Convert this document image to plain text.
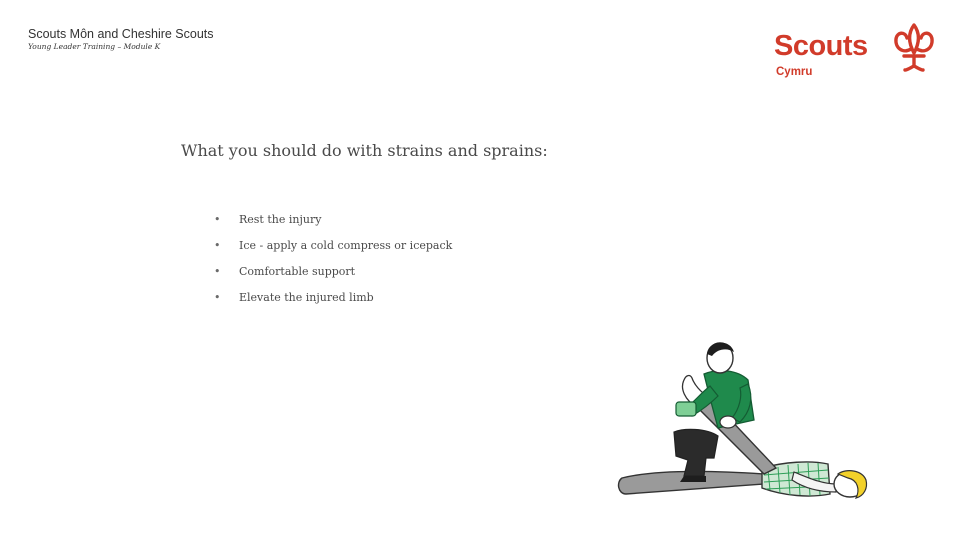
Scouts Môn and Cheshire Scouts
Young Leader Training – Module K	Scouts
Cymru
What you should do with strains and sprains:
• Rest the injury
• Ice - apply a cold compress or icepack
• Comfortable support
• Elevate the injured limb
